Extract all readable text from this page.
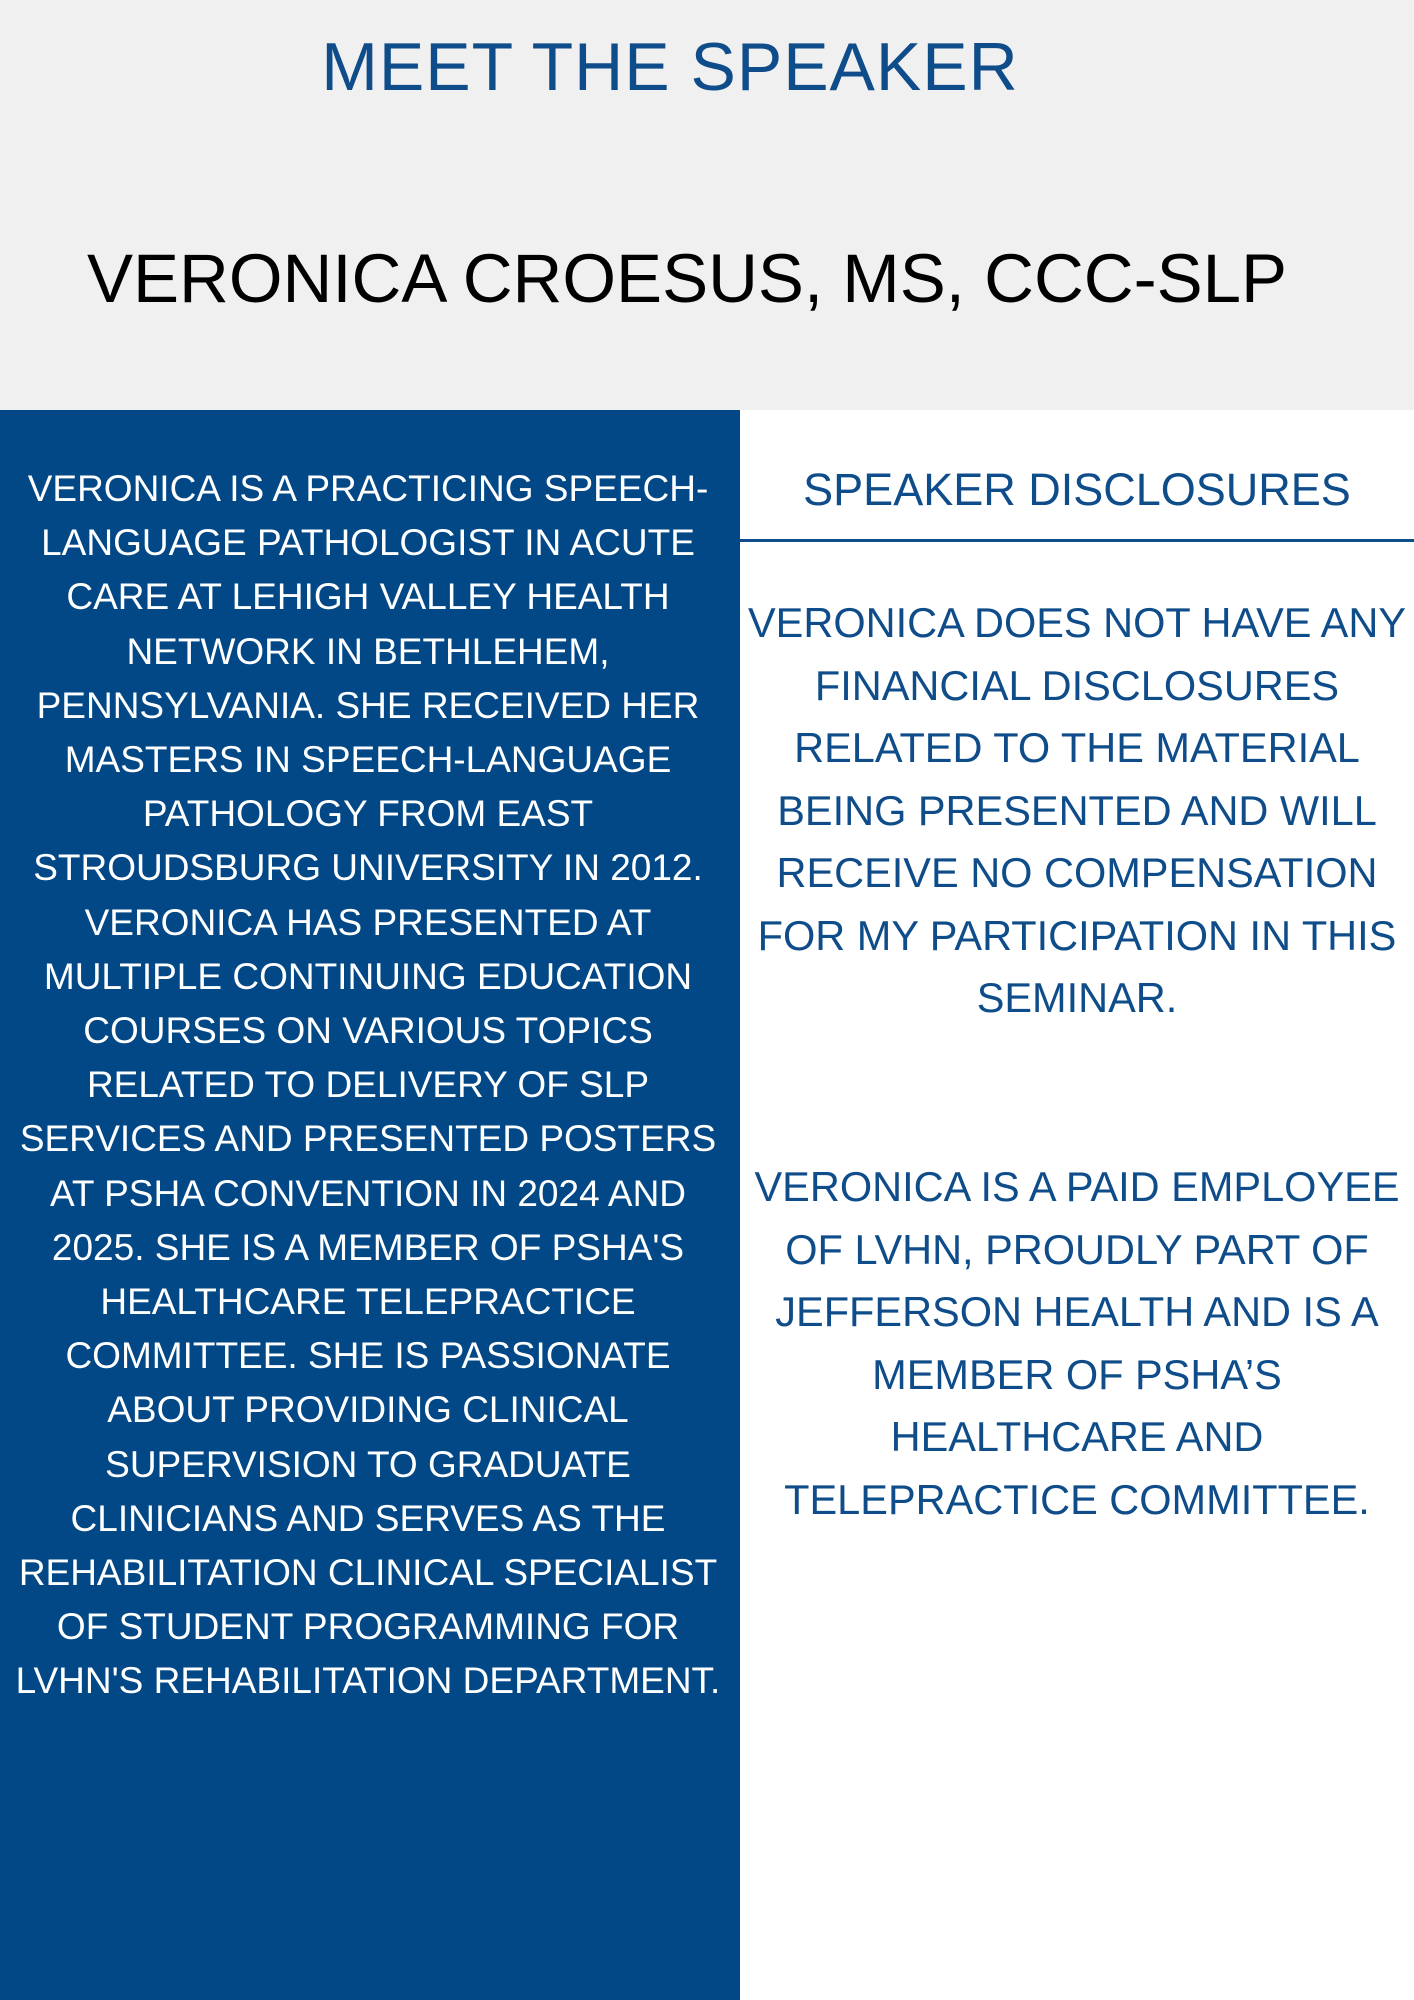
MEET THE SPEAKER
VERONICA CROESUS, MS, CCC-SLP

VERONICA IS A PRACTICING SPEECH- LANGUAGE PATHOLOGIST IN ACUTE CARE AT LEHIGH VALLEY HEALTH NETWORK IN BETHLEHEM, PENNSYLVANIA. SHE RECEIVED HER MASTERS IN SPEECH-LANGUAGE PATHOLOGY FROM EAST STROUDSBURG UNIVERSITY IN 2012. VERONICA HAS PRESENTED AT MULTIPLE CONTINUING EDUCATION COURSES ON VARIOUS TOPICS RELATED TO DELIVERY OF SLP SERVICES AND PRESENTED POSTERS AT PSHA CONVENTION IN 2024 AND 2025. SHE IS A MEMBER OF PSHA'S HEALTHCARE TELEPRACTICE COMMITTEE. SHE IS PASSIONATE ABOUT PROVIDING CLINICAL SUPERVISION TO GRADUATE CLINICIANS AND SERVES AS THE REHABILITATION CLINICAL SPECIALIST OF STUDENT PROGRAMMING FOR LVHN'S REHABILITATION DEPARTMENT.

SPEAKER DISCLOSURES

VERONICA DOES NOT HAVE ANY FINANCIAL DISCLOSURES RELATED TO THE MATERIAL BEING PRESENTED AND WILL RECEIVE NO COMPENSATION FOR MY PARTICIPATION IN THIS SEMINAR.

VERONICA IS A PAID EMPLOYEE OF LVHN, PROUDLY PART OF JEFFERSON HEALTH AND IS A MEMBER OF PSHA’S HEALTHCARE AND TELEPRACTICE COMMITTEE.
